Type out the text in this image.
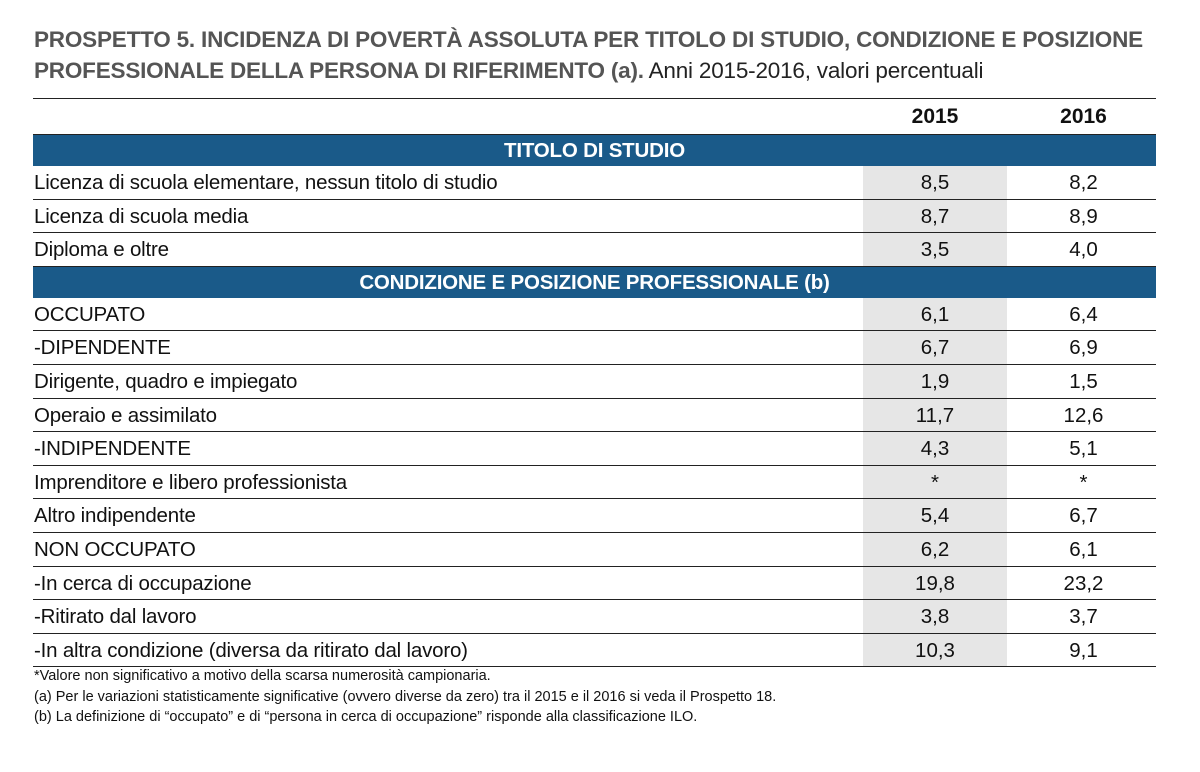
PROSPETTO 5. INCIDENZA DI POVERTÀ ASSOLUTA PER TITOLO DI STUDIO, CONDIZIONE E POSIZIONE PROFESSIONALE DELLA PERSONA DI RIFERIMENTO (a). Anni 2015-2016, valori percentuali
2015	2016
TITOLO DI STUDIO
Licenza di scuola elementare, nessun titolo di studio	8,5	8,2
Licenza di scuola media	8,7	8,9
Diploma e oltre	3,5	4,0
CONDIZIONE E POSIZIONE PROFESSIONALE (b)
OCCUPATO	6,1	6,4
-DIPENDENTE	6,7	6,9
Dirigente, quadro e impiegato	1,9	1,5
Operaio e assimilato	11,7	12,6
-INDIPENDENTE	4,3	5,1
Imprenditore e libero professionista	*	*
Altro indipendente	5,4	6,7
NON OCCUPATO	6,2	6,1
-In cerca di occupazione	19,8	23,2
-Ritirato dal lavoro	3,8	3,7
-In altra condizione (diversa da ritirato dal lavoro)	10,3	9,1
*Valore non significativo a motivo della scarsa numerosità campionaria.
(a) Per le variazioni statisticamente significative (ovvero diverse da zero) tra il 2015 e il 2016 si veda il Prospetto 18.
(b) La definizione di “occupato” e di “persona in cerca di occupazione” risponde alla classificazione ILO.
